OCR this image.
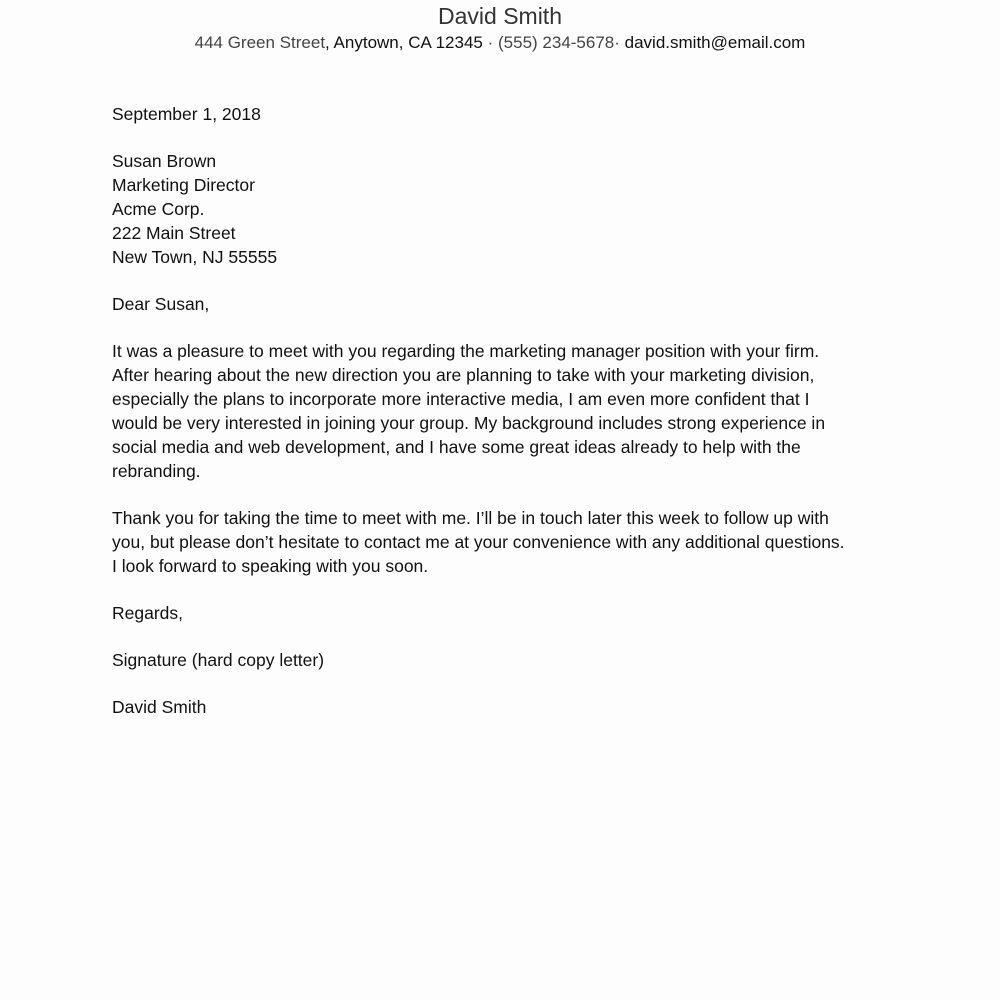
David Smith
444 Green Street, Anytown, CA 12345 · (555) 234-5678· david.smith@email.com
September 1, 2018
Susan Brown
Marketing Director
Acme Corp.
222 Main Street
New Town, NJ 55555
Dear Susan,
It was a pleasure to meet with you regarding the marketing manager position with your firm.
After hearing about the new direction you are planning to take with your marketing division,
especially the plans to incorporate more interactive media, I am even more confident that I
would be very interested in joining your group. My background includes strong experience in
social media and web development, and I have some great ideas already to help with the
rebranding.
Thank you for taking the time to meet with me. I’ll be in touch later this week to follow up with
you, but please don’t hesitate to contact me at your convenience with any additional questions.
I look forward to speaking with you soon.
Regards,
Signature (hard copy letter)
David Smith
